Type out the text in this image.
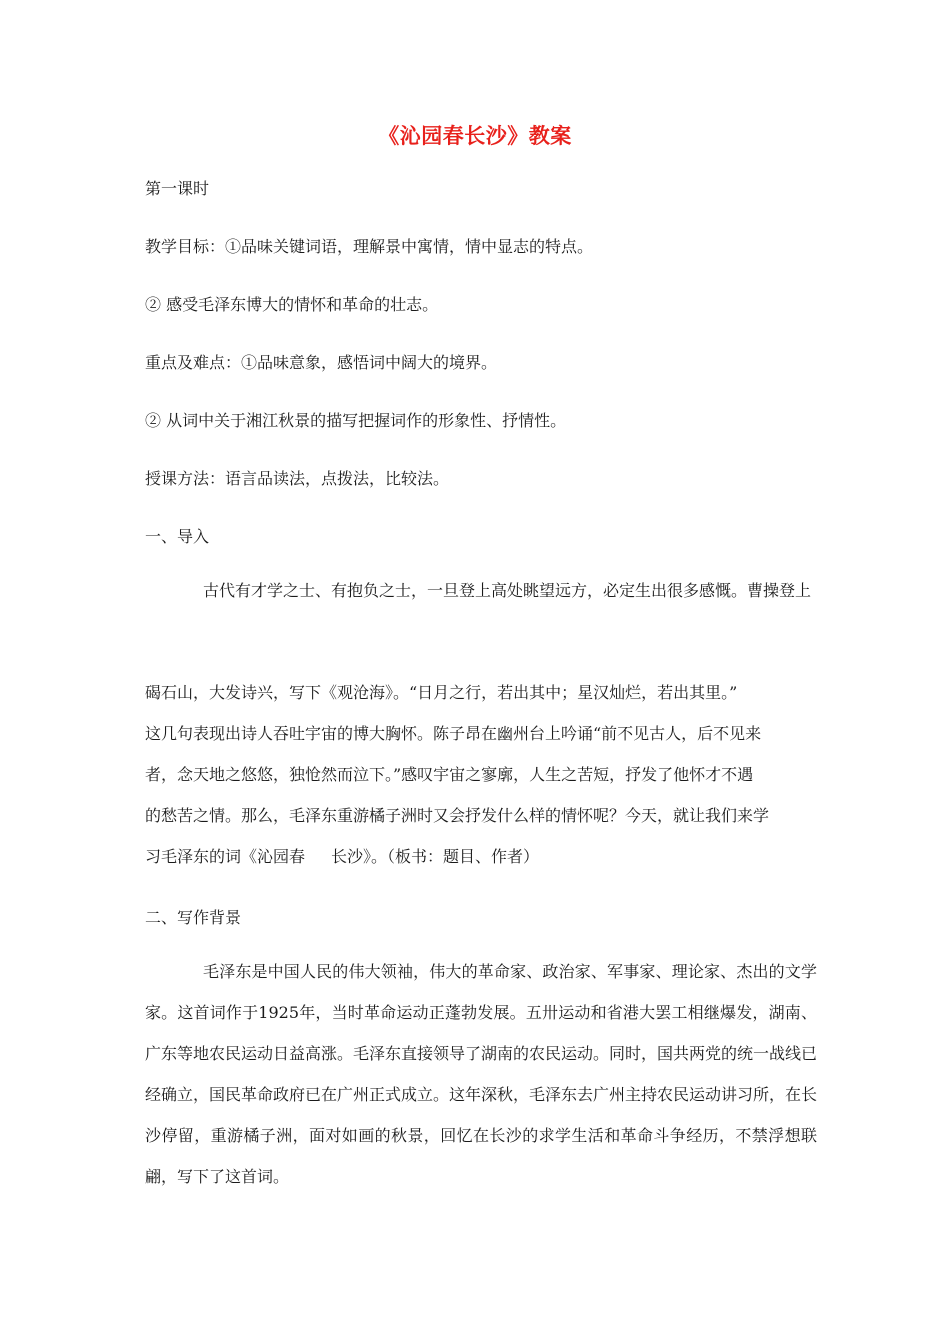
《沁园春长沙》教案
第一课时
教学目标：①品味关键词语，理解景中寓情，情中显志的特点。
② 感受毛泽东博大的情怀和革命的壮志。
重点及难点：①品味意象，感悟词中阔大的境界。
② 从词中关于湘江秋景的描写把握词作的形象性、抒情性。
授课方法：语言品读法，点拨法，比较法。
一、导入

古代有才学之士、有抱负之士，一旦登上高处眺望远方，必定生出很多感慨。曹操登上

碣石山，大发诗兴，写下《观沧海》。“日月之行，若出其中；星汉灿烂，若出其里。”

这几句表现出诗人吞吐宇宙的博大胸怀。陈子昂在幽州台上吟诵“前不见古人，后不见来

者，念天地之悠悠，独怆然而泣下。”感叹宇宙之寥廓，人生之苦短，抒发了他怀才不遇

的愁苦之情。那么，毛泽东重游橘子洲时又会抒发什么样的情怀呢？今天，就让我们来学

习毛泽东的词《沁园春 长沙》。（板书：题目、作者）

二、写作背景

毛泽东是中国人民的伟大领袖，伟大的革命家、政治家、军事家、理论家、杰出的文学家。这首词作于1925年，当时革命运动正蓬勃发展。五卅运动和省港大罢工相继爆发，湖南、广东等地农民运动日益高涨。毛泽东直接领导了湖南的农民运动。同时，国共两党的统一战线已经确立，国民革命政府已在广州正式成立。这年深秋，毛泽东去广州主持农民运动讲习所，在长沙停留，重游橘子洲，面对如画的秋景，回忆在长沙的求学生活和革命斗争经历，不禁浮想联翩，写下了这首词。
